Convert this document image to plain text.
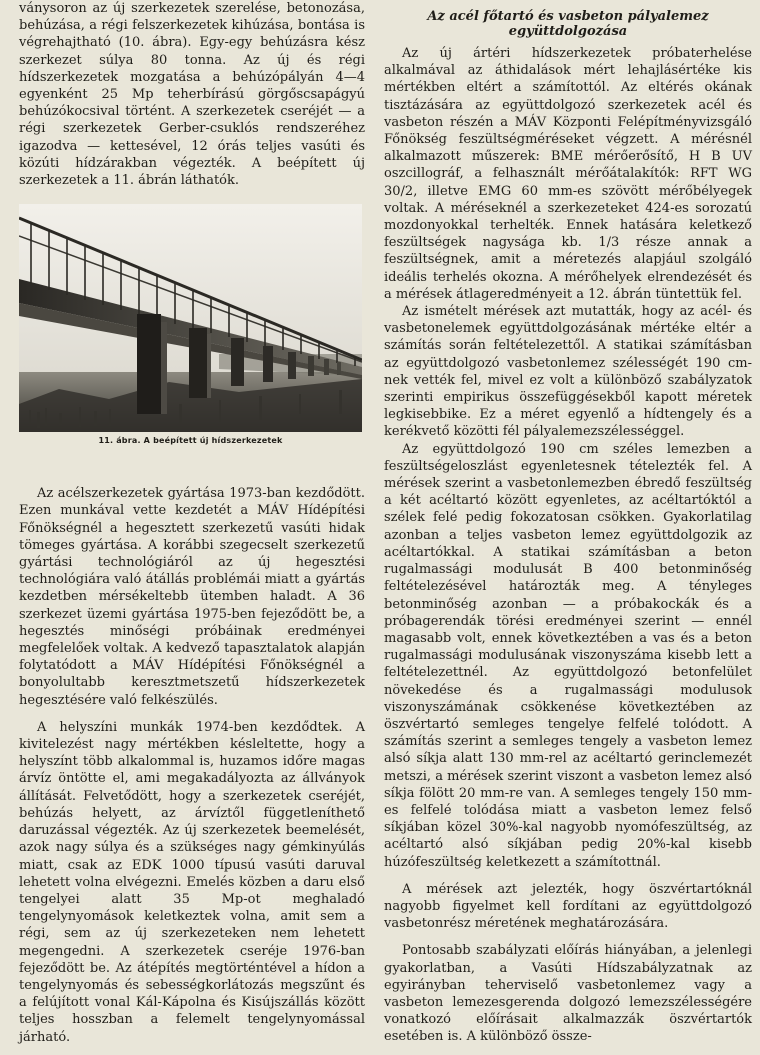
ványsoron az új szerkezetek szerelése, betonozása, behúzása, a régi felszerkezetek kihúzása, bontása is végrehajtható (10. ábra). Egy-egy behúzásra kész szerkezet súlya 80 tonna. Az új és régi hídszerkezetek mozgatása a behúzópályán 4—4 egyenként 25 Mp teherbírású görgőscsapágyú behúzókocsival történt. A szerkezetek cseréjét — a régi szerkezetek Gerber-csuklós rendszeréhez igazodva — kettesével, 12 órás teljes vasúti és közúti hídzárakban végezték. A beépített új szerkezetek a 11. ábrán láthatók.

11. ábra. A beépített új hídszerkezetek

Az acélszerkezetek gyártása 1973-ban kezdődött. Ezen munkával vette kezdetét a MÁV Hídépítési Főnökségnél a hegesztett szerkezetű vasúti hidak tömeges gyártása. A korábbi szegecselt szerkezetű gyártási technológiáról az új hegesztési technológiára való átállás problémái miatt a gyártás kezdetben mérsékeltebb ütemben haladt. A 36 szerkezet üzemi gyártása 1975-ben fejeződött be, a hegesztés minőségi próbáinak eredményei megfelelőek voltak. A kedvező tapasztalatok alapján folytatódott a MÁV Hídépítési Főnökségnél a bonyolultabb keresztmetszetű hídszerkezetek hegesztésére való felkészülés.

A helyszíni munkák 1974-ben kezdődtek. A kivitelezést nagy mértékben késleltette, hogy a helyszínt több alkalommal is, huzamos időre magas árvíz öntötte el, ami megakadályozta az állványok állítását. Felvetődött, hogy a szerkezetek cseréjét, behúzás helyett, az árvíztől függetleníthető daruzással végezték. Az új szerkezetek beemelését, azok nagy súlya és a szükséges nagy gémkinyúlás miatt, csak az EDK 1000 típusú vasúti daruval lehetett volna elvégezni. Emelés közben a daru első tengelyei alatt 35 Mp-ot meghaladó tengelynyomások keletkeztek volna, amit sem a régi, sem az új szerkezeteken nem lehetett megengedni. A szerkezetek cseréje 1976-ban fejeződött be. Az átépítés megtörténtével a hídon a tengelynyomás és sebességkorlátozás megszűnt és a felújított vonal Kál-Kápolna és Kisújszállás között teljes hosszban a felemelt tengelynyomással járható.

Az acél főtartó és vasbeton pályalemez együttdolgozása

Az új ártéri hídszerkezetek próbaterhelése alkalmával az áthidalások mért lehajlásértéke kis mértékben eltért a számítottól. Az eltérés okának tisztázására az együttdolgozó szerkezetek acél és vasbeton részén a MÁV Központi Felépítményvizsgáló Főnökség feszültségméréseket végzett. A mérésnél alkalmazott műszerek: BME mérőerősítő, H B UV oszcillográf, a felhasznált mérőátalakítók: RFT WG 30/2, illetve EMG 60 mm-es szövött mérőbélyegek voltak. A méréseknél a szerkezeteket 424-es sorozatú mozdonyokkal terhelték. Ennek hatására keletkező feszültségek nagysága kb. 1/3 része annak a feszültségnek, amit a méretezés alapjául szolgáló ideális terhelés okozna. A mérőhelyek elrendezését és a mérések átlageredményeit a 12. ábrán tüntettük fel.

Az ismételt mérések azt mutatták, hogy az acél- és vasbetonelemek együttdolgozásának mértéke eltér a számítás során feltételezettől. A statikai számításban az együttdolgozó vasbetonlemez szélességét 190 cm-nek vették fel, mivel ez volt a különböző szabályzatok szerinti empirikus összefüggésekből kapott méretek legkisebbike. Ez a méret egyenlő a hídtengely és a kerékvető közötti fél pályalemezszélességgel.

Az együttdolgozó 190 cm széles lemezben a feszültségeloszlást egyenletesnek tételezték fel. A mérések szerint a vasbetonlemezben ébredő feszültség a két acéltartó között egyenletes, az acéltartóktól a szélek felé pedig fokozatosan csökken. Gyakorlatilag azonban a teljes vasbeton lemez együttdolgozik az acéltartókkal. A statikai számításban a beton rugalmassági modulusát B 400 betonminőség feltételezésével határozták meg. A tényleges betonminőség azonban — a próbakockák és a próbagerendák törési eredményei szerint — ennél magasabb volt, ennek következtében a vas és a beton rugalmassági modulusának viszonyszáma kisebb lett a feltételezettnél. Az együttdolgozó betonfelület növekedése és a rugalmassági modulusok viszonyszámának csökkenése következtében az öszvértartó semleges tengelye felfelé tolódott. A számítás szerint a semleges tengely a vasbeton lemez alsó síkja alatt 130 mm-rel az acéltartó gerinclemezét metszi, a mérések szerint viszont a vasbeton lemez alsó síkja fölött 20 mm-re van. A semleges tengely 150 mm-es felfelé tolódása miatt a vasbeton lemez felső síkjában közel 30%-kal nagyobb nyomófeszültség, az acéltartó alsó síkjában pedig 20%-kal kisebb húzófeszültség keletkezett a számítottnál.

A mérések azt jelezték, hogy öszvértartóknál nagyobb figyelmet kell fordítani az együttdolgozó vasbetonrész méretének meghatározására.

Pontosabb szabályzati előírás hiányában, a jelenlegi gyakorlatban, a Vasúti Hídszabályzatnak az egyirányban teherviselő vasbetonlemez vagy a vasbeton lemezesgerenda dolgozó lemezszélességére vonatkozó előírásait alkalmazzák öszvértartók esetében is. A különböző össze-
